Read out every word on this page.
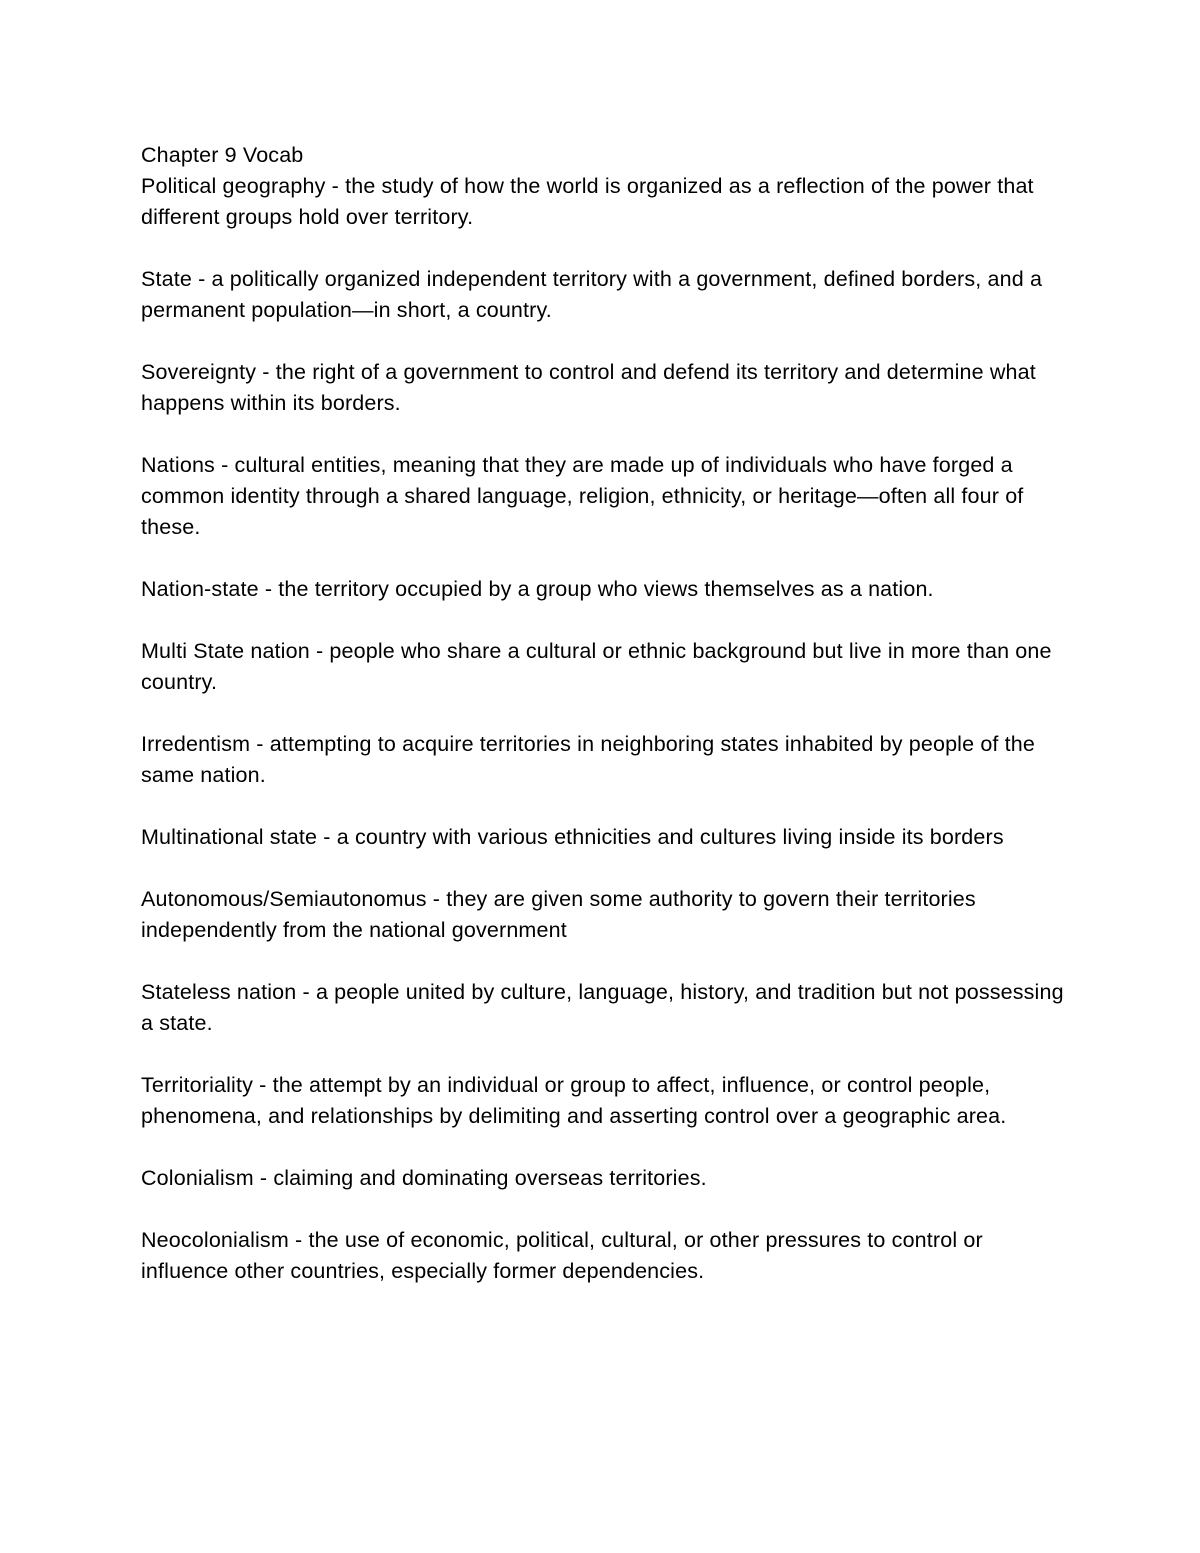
Chapter 9 Vocab

Political geography - the study of how the world is organized as a reflection of the power that different groups hold over territory.

State - a politically organized independent territory with a government, defined borders, and a permanent population—in short, a country.

Sovereignty - the right of a government to control and defend its territory and determine what happens within its borders.

Nations - cultural entities, meaning that they are made up of individuals who have forged a common identity through a shared language, religion, ethnicity, or heritage—often all four of these.

Nation-state - the territory occupied by a group who views themselves as a nation.

Multi State nation - people who share a cultural or ethnic background but live in more than one country.

Irredentism - attempting to acquire territories in neighboring states inhabited by people of the same nation.

Multinational state - a country with various ethnicities and cultures living inside its borders

Autonomous/Semiautonomus - they are given some authority to govern their territories independently from the national government

Stateless nation - a people united by culture, language, history, and tradition but not possessing a state.

Territoriality - the attempt by an individual or group to affect, influence, or control people, phenomena, and relationships by delimiting and asserting control over a geographic area.

Colonialism - claiming and dominating overseas territories.

Neocolonialism - the use of economic, political, cultural, or other pressures to control or influence other countries, especially former dependencies.
